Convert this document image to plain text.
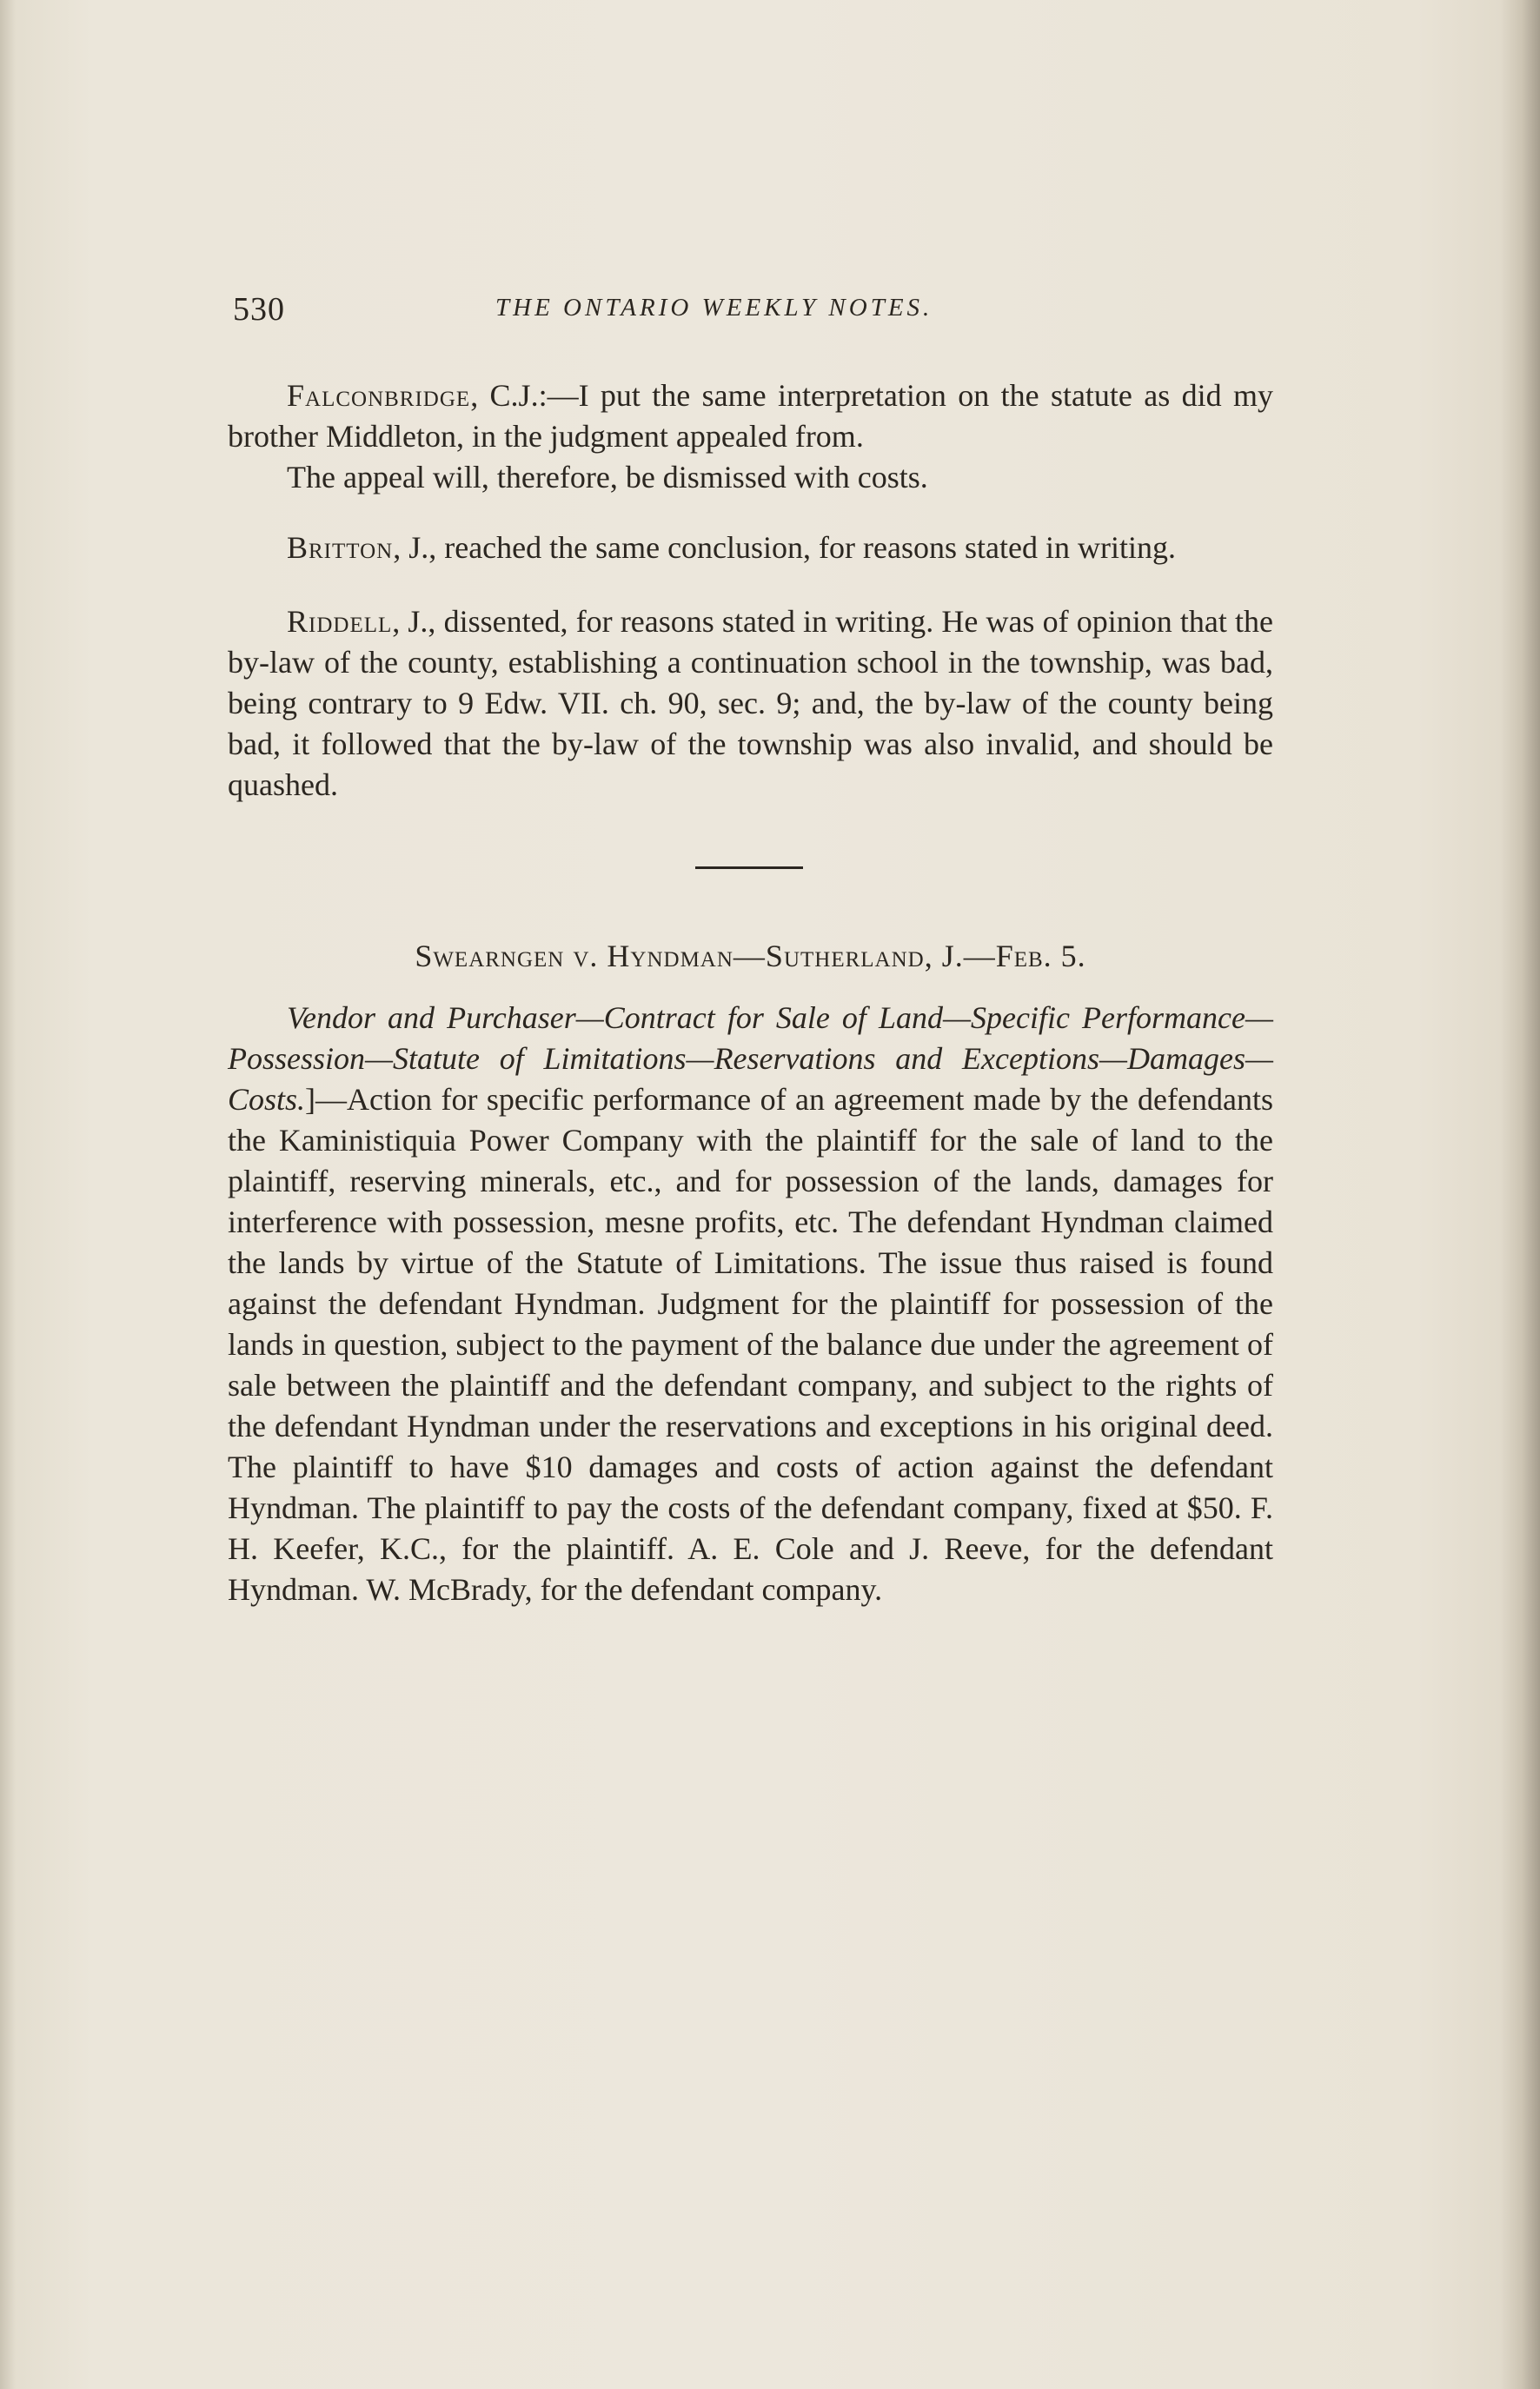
530	THE ONTARIO WEEKLY NOTES.

Falconbridge, C.J.:—I put the same interpretation on the statute as did my brother Middleton, in the judgment appealed from.

The appeal will, therefore, be dismissed with costs.

Britton, J., reached the same conclusion, for reasons stated in writing.

Riddell, J., dissented, for reasons stated in writing. He was of opinion that the by-law of the county, establishing a continuation school in the township, was bad, being contrary to 9 Edw. VII. ch. 90, sec. 9; and, the by-law of the county being bad, it followed that the by-law of the township was also invalid, and should be quashed.

Swearngen v. Hyndman—Sutherland, J.—Feb. 5.

Vendor and Purchaser—Contract for Sale of Land—Specific Performance—Possession—Statute of Limitations—Reservations and Exceptions—Damages—Costs.]—Action for specific performance of an agreement made by the defendants the Kaministiquia Power Company with the plaintiff for the sale of land to the plaintiff, reserving minerals, etc., and for possession of the lands, damages for interference with possession, mesne profits, etc. The defendant Hyndman claimed the lands by virtue of the Statute of Limitations. The issue thus raised is found against the defendant Hyndman. Judgment for the plaintiff for possession of the lands in question, subject to the payment of the balance due under the agreement of sale between the plaintiff and the defendant company, and subject to the rights of the defendant Hyndman under the reservations and exceptions in his original deed. The plaintiff to have $10 damages and costs of action against the defendant Hyndman. The plaintiff to pay the costs of the defendant company, fixed at $50. F. H. Keefer, K.C., for the plaintiff. A. E. Cole and J. Reeve, for the defendant Hyndman. W. McBrady, for the defendant company.
